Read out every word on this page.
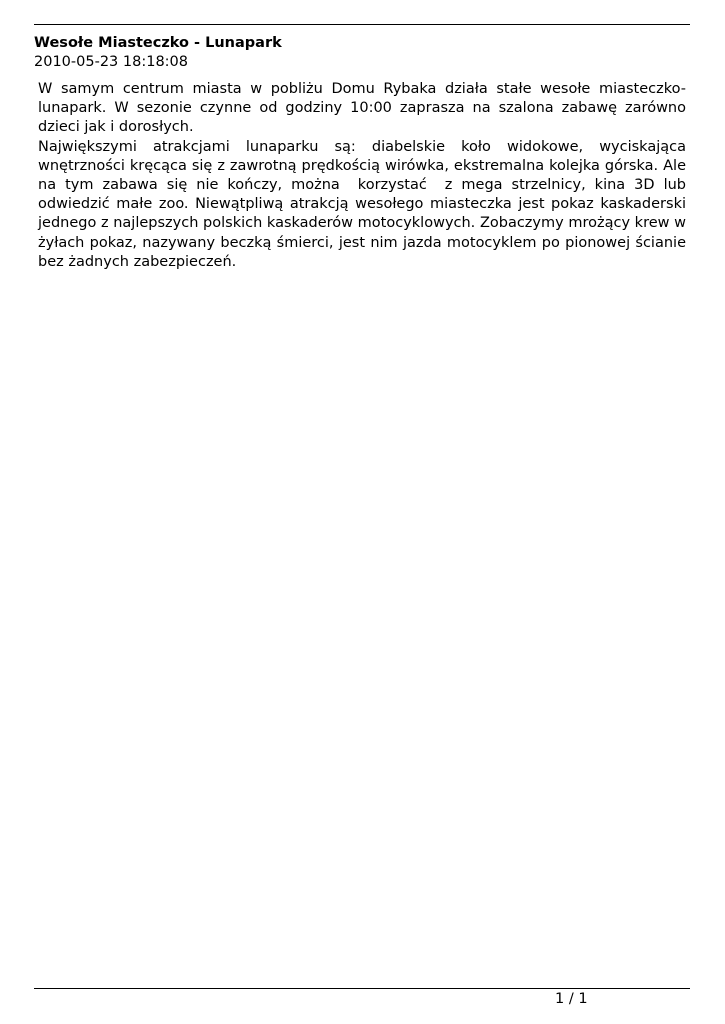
Wesołe Miasteczko - Lunapark
2010-05-23 18:18:08

W samym centrum miasta w pobliżu Domu Rybaka działa stałe wesołe miasteczko-lunapark. W sezonie czynne od godziny 10:00 zaprasza na szalona zabawę zarówno dzieci jak i dorosłych.

Największymi atrakcjami lunaparku są: diabelskie koło widokowe, wyciskająca wnętrzności kręcąca się z zawrotną prędkością wirówka, ekstremalna kolejka górska. Ale na tym zabawa się nie kończy, można  korzystać  z mega strzelnicy, kina 3D lub odwiedzić małe zoo. Niewątpliwą atrakcją wesołego miasteczka jest pokaz kaskaderski jednego z najlepszych polskich kaskaderów motocyklowych. Zobaczymy mrożący krew w żyłach pokaz, nazywany beczką śmierci, jest nim jazda motocyklem po pionowej ścianie   bez żadnych zabezpieczeń.

1 / 1
